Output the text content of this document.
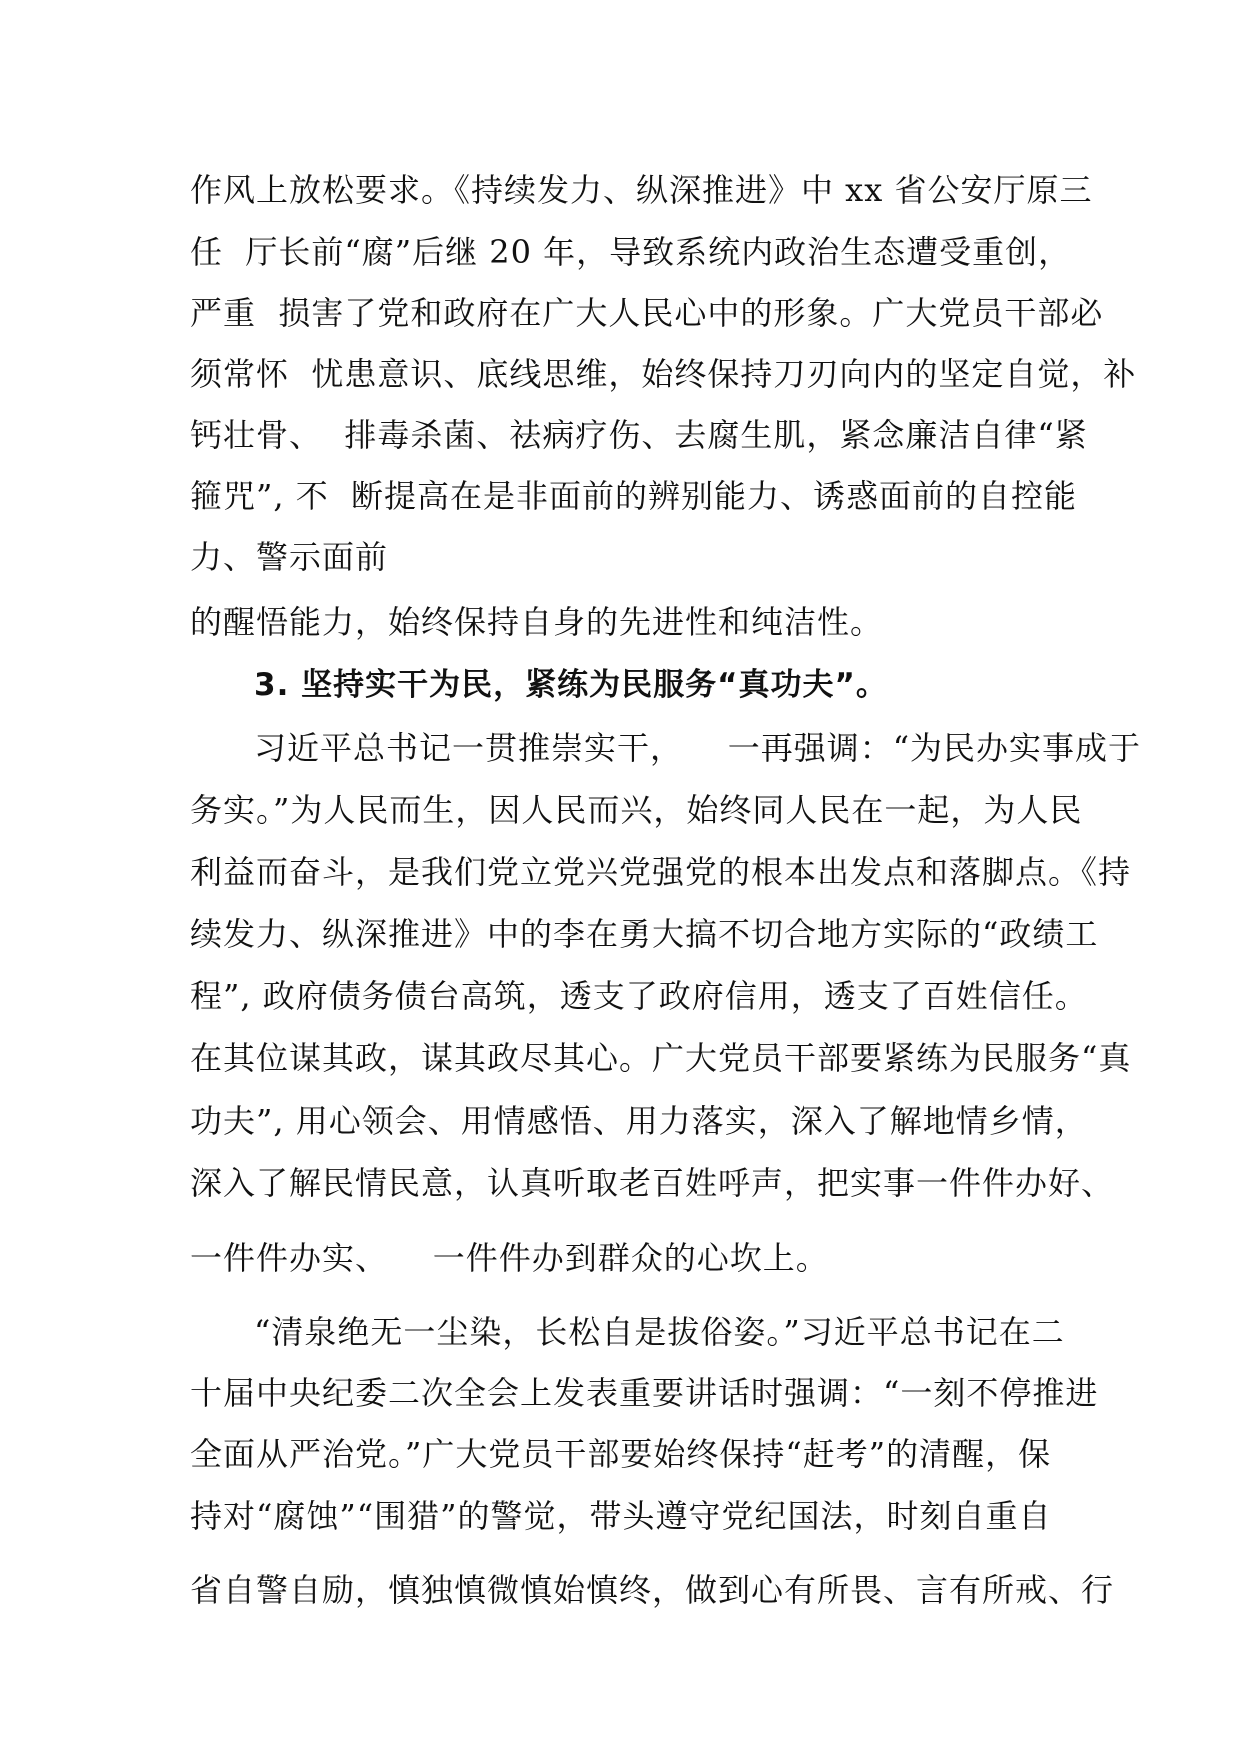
作风上放松要求。《持续发力、纵深推进》中 xx 省公安厅原三
任  厅长前“腐”后继 20 年，导致系统内政治生态遭受重创，
严重  损害了党和政府在广大人民心中的形象。广大党员干部必
须常怀  忧患意识、底线思维，始终保持刀刃向内的坚定自觉，补
钙壮骨、  排毒杀菌、祛病疗伤、去腐生肌，紧念廉洁自律“紧
箍咒”, 不  断提高在是非面前的辨别能力、诱惑面前的自控能
力、警示面前
的醒悟能力，始终保持自身的先进性和纯洁性。
3. 坚持实干为民，紧练为民服务“真功夫”。
习近平总书记一贯推崇实干，    一再强调：“为民办实事成于
务实。”为人民而生，因人民而兴，始终同人民在一起，为人民
利益而奋斗，是我们党立党兴党强党的根本出发点和落脚点。《持
续发力、纵深推进》中的李在勇大搞不切合地方实际的“政绩工
程”, 政府债务债台高筑，透支了政府信用，透支了百姓信任。
在其位谋其政，谋其政尽其心。广大党员干部要紧练为民服务“真
功夫”, 用心领会、用情感悟、用力落实，深入了解地情乡情，
深入了解民情民意，认真听取老百姓呼声，把实事一件件办好、
一件件办实、    一件件办到群众的心坎上。
“清泉绝无一尘染，长松自是拔俗姿。”习近平总书记在二
十届中央纪委二次全会上发表重要讲话时强调：“一刻不停推进
全面从严治党。”广大党员干部要始终保持“赶考”的清醒，保
持对“腐蚀”“围猎”的警觉，带头遵守党纪国法，时刻自重自
省自警自励，慎独慎微慎始慎终，做到心有所畏、言有所戒、行
